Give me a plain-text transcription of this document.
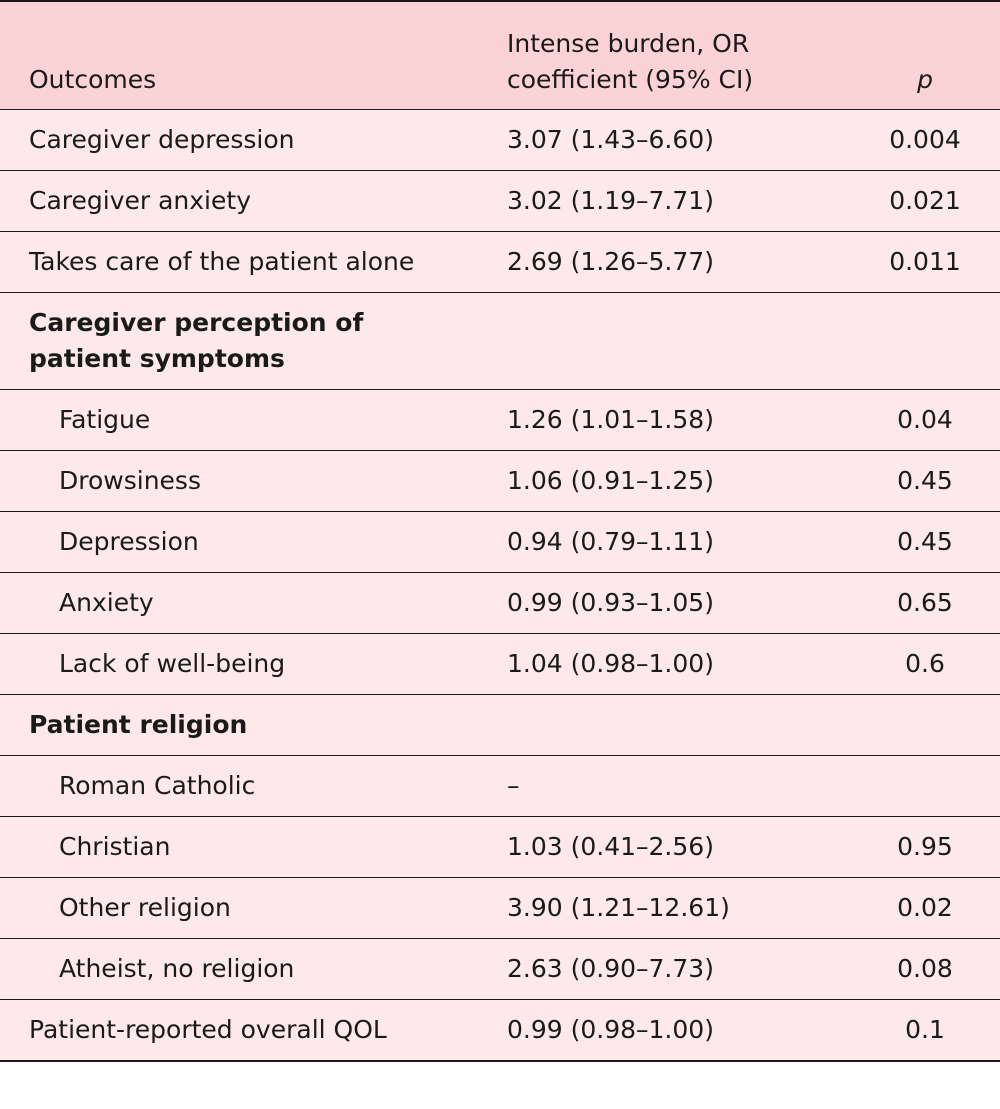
Outcomes	Intense burden, OR
coefficient (95% CI)	p
Caregiver depression	3.07 (1.43–6.60)	0.004
Caregiver anxiety	3.02 (1.19–7.71)	0.021
Takes care of the patient alone	2.69 (1.26–5.77)	0.011
Caregiver perception of patient symptoms		
Fatigue	1.26 (1.01–1.58)	0.04
Drowsiness	1.06 (0.91–1.25)	0.45
Depression	0.94 (0.79–1.11)	0.45
Anxiety	0.99 (0.93–1.05)	0.65
Lack of well-being	1.04 (0.98–1.00)	0.6
Patient religion		
Roman Catholic	–	
Christian	1.03 (0.41–2.56)	0.95
Other religion	3.90 (1.21–12.61)	0.02
Atheist, no religion	2.63 (0.90–7.73)	0.08
Patient-reported overall QOL	0.99 (0.98–1.00)	0.1
